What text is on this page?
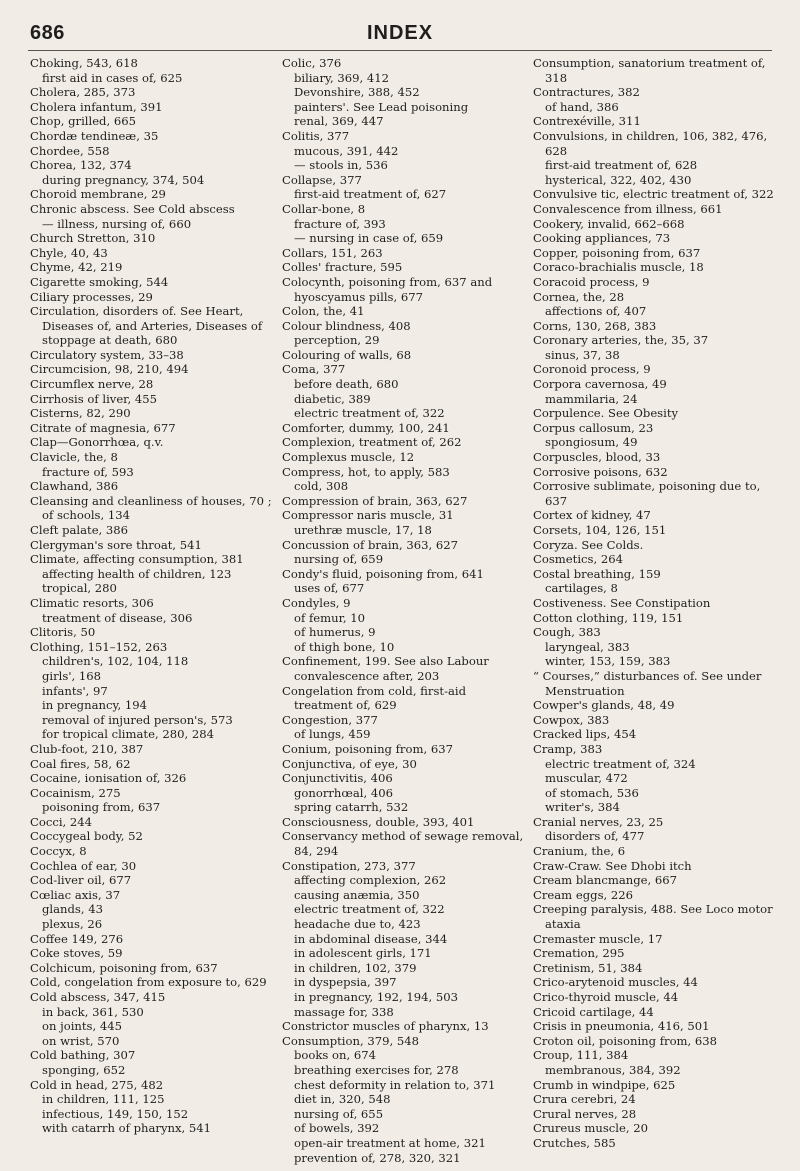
686	INDEX
Choking, 543, 618
first aid in cases of, 625
Cholera, 285, 373
Cholera infantum, 391
Chop, grilled, 665
Chordæ tendineæ, 35
Chordee, 558
Chorea, 132, 374
during pregnancy, 374, 504
Choroid membrane, 29
Chronic abscess. See Cold abscess
— illness, nursing of, 660
Church Stretton, 310
Chyle, 40, 43
Chyme, 42, 219
Cigarette smoking, 544
Ciliary processes, 29
Circulation, disorders of. See Heart, Diseases of, and Arteries, Diseases of
stoppage at death, 680
Circulatory system, 33–38
Circumcision, 98, 210, 494
Circumflex nerve, 28
Cirrhosis of liver, 455
Cisterns, 82, 290
Citrate of magnesia, 677
Clap—Gonorrhœa, q.v.
Clavicle, the, 8
fracture of, 593
Clawhand, 386
Cleansing and cleanliness of houses, 70 ; of schools, 134
Cleft palate, 386
Clergyman's sore throat, 541
Climate, affecting consumption, 381
affecting health of children, 123
tropical, 280
Climatic resorts, 306
treatment of disease, 306
Clitoris, 50
Clothing, 151–152, 263
children's, 102, 104, 118
girls', 168
infants', 97
in pregnancy, 194
removal of injured person's, 573
for tropical climate, 280, 284
Club-foot, 210, 387
Coal fires, 58, 62
Cocaine, ionisation of, 326
Cocainism, 275
poisoning from, 637
Cocci, 244
Coccygeal body, 52
Coccyx, 8
Cochlea of ear, 30
Cod-liver oil, 677
Cœliac axis, 37
glands, 43
plexus, 26
Coffee 149, 276
Coke stoves, 59
Colchicum, poisoning from, 637
Cold, congelation from exposure to, 629
Cold abscess, 347, 415
in back, 361, 530
on joints, 445
on wrist, 570
Cold bathing, 307
sponging, 652
Cold in head, 275, 482
in children, 111, 125
infectious, 149, 150, 152
with catarrh of pharynx, 541
Colic, 376
biliary, 369, 412
Devonshire, 388, 452
painters'. See Lead poisoning
renal, 369, 447
Colitis, 377
mucous, 391, 442
— stools in, 536
Collapse, 377
first-aid treatment of, 627
Collar-bone, 8
fracture of, 393
— nursing in case of, 659
Collars, 151, 263
Colles' fracture, 595
Colocynth, poisoning from, 637 and hyoscyamus pills, 677
Colon, the, 41
Colour blindness, 408
perception, 29
Colouring of walls, 68
Coma, 377
before death, 680
diabetic, 389
electric treatment of, 322
Comforter, dummy, 100, 241
Complexion, treatment of, 262
Complexus muscle, 12
Compress, hot, to apply, 583
cold, 308
Compression of brain, 363, 627
Compressor naris muscle, 31
urethræ muscle, 17, 18
Concussion of brain, 363, 627
nursing of, 659
Condy's fluid, poisoning from, 641
uses of, 677
Condyles, 9
of femur, 10
of humerus, 9
of thigh bone, 10
Confinement, 199. See also Labour
convalescence after, 203
Congelation from cold, first-aid treatment of, 629
Congestion, 377
of lungs, 459
Conium, poisoning from, 637
Conjunctiva, of eye, 30
Conjunctivitis, 406
gonorrhœal, 406
spring catarrh, 532
Consciousness, double, 393, 401
Conservancy method of sewage removal, 84, 294
Constipation, 273, 377
affecting complexion, 262
causing anæmia, 350
electric treatment of, 322
headache due to, 423
in abdominal disease, 344
in adolescent girls, 171
in children, 102, 379
in dyspepsia, 397
in pregnancy, 192, 194, 503
massage for, 338
Constrictor muscles of pharynx, 13
Consumption, 379, 548
books on, 674
breathing exercises for, 278
chest deformity in relation to, 371
diet in, 320, 548
nursing of, 655
of bowels, 392
open-air treatment at home, 321
prevention of, 278, 320, 321
Consumption, sanatorium treatment of, 318
Contractures, 382
of hand, 386
Contrexéville, 311
Convulsions, in children, 106, 382, 476, 628
first-aid treatment of, 628
hysterical, 322, 402, 430
Convulsive tic, electric treatment of, 322
Convalescence from illness, 661
Cookery, invalid, 662–668
Cooking appliances, 73
Copper, poisoning from, 637
Coraco-brachialis muscle, 18
Coracoid process, 9
Cornea, the, 28
affections of, 407
Corns, 130, 268, 383
Coronary arteries, the, 35, 37
sinus, 37, 38
Coronoid process, 9
Corpora cavernosa, 49
mammilaria, 24
Corpulence. See Obesity
Corpus callosum, 23
spongiosum, 49
Corpuscles, blood, 33
Corrosive poisons, 632
Corrosive sublimate, poisoning due to, 637
Cortex of kidney, 47
Corsets, 104, 126, 151
Coryza. See Colds.
Cosmetics, 264
Costal breathing, 159
cartilages, 8
Costiveness. See Constipation
Cotton clothing, 119, 151
Cough, 383
laryngeal, 383
winter, 153, 159, 383
“ Courses,” disturbances of. See under Menstruation
Cowper's glands, 48, 49
Cowpox, 383
Cracked lips, 454
Cramp, 383
electric treatment of, 324
muscular, 472
of stomach, 536
writer's, 384
Cranial nerves, 23, 25
disorders of, 477
Cranium, the, 6
Craw-Craw. See Dhobi itch
Cream blancmange, 667
Cream eggs, 226
Creeping paralysis, 488. See Loco motor ataxia
Cremaster muscle, 17
Cremation, 295
Cretinism, 51, 384
Crico-arytenoid muscles, 44
Crico-thyroid muscle, 44
Cricoid cartilage, 44
Crisis in pneumonia, 416, 501
Croton oil, poisoning from, 638
Croup, 111, 384
membranous, 384, 392
Crumb in windpipe, 625
Crura cerebri, 24
Crural nerves, 28
Crureus muscle, 20
Crutches, 585
